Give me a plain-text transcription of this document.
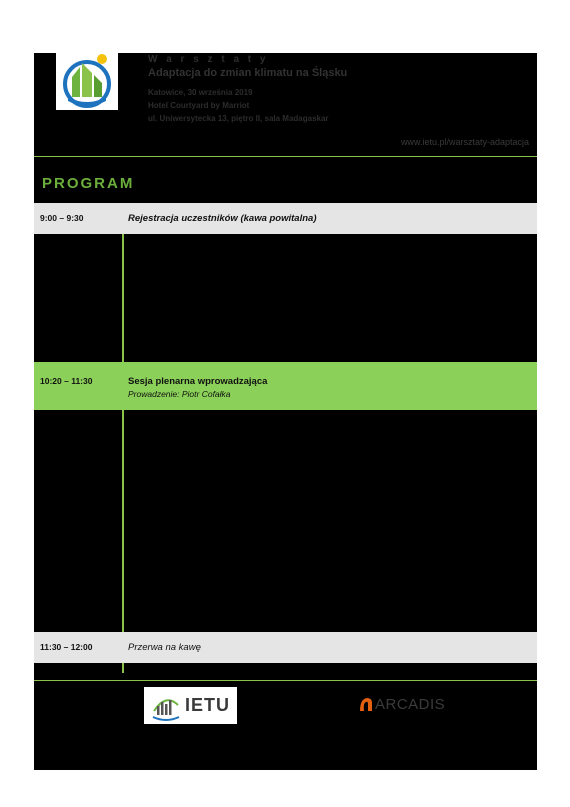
W a r s z t a t y
Adaptacja do zmian klimatu na Śląsku
Katowice, 30 września 2019
Hotel Courtyard by Marriot
ul. Uniwersytecka 13, piętro II, sala Madagaskar
www.ietu.pl/warsztaty-adaptacja
PROGRAM
9:00 – 9:30	Rejestracja uczestników (kawa powitalna)
10:20 – 11:30	Sesja plenarna wprowadzająca
Prowadzenie: Piotr Cofałka
11:30 – 12:00	Przerwa na kawę
IETU	ARCADIS
